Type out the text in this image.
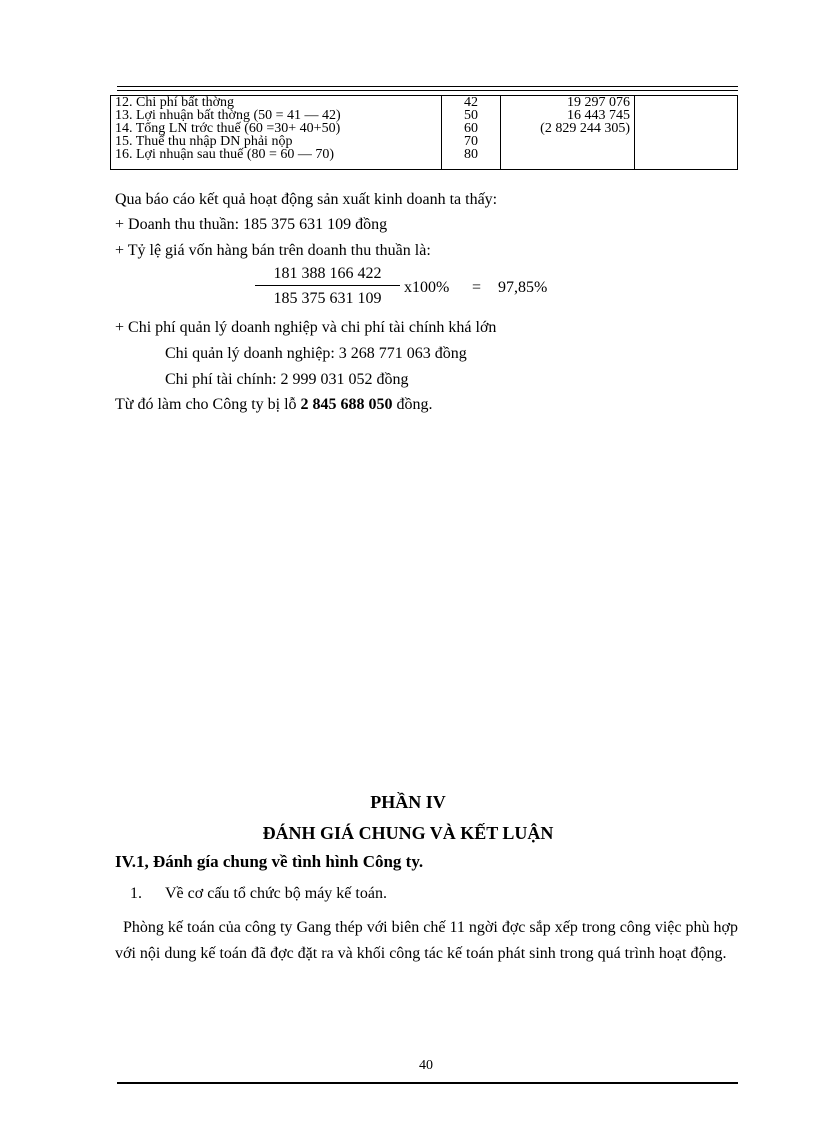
12. Chi phí bất thờng	42	19 297 076	
13. Lợi nhuận bất thờng (50 = 41 — 42)	50	16 443 745	
14. Tổng LN trớc thuế (60 =30+ 40+50)	60	(2 829 244 305)	
15. Thuế thu nhập DN phải nộp	70		
16. Lợi nhuận sau thuế (80 = 60 — 70)	80		
Qua báo cáo kết quả hoạt động sản xuất kinh doanh ta thấy:
+ Doanh thu thuần: 185 375 631 109 đồng
+ Tỷ lệ giá vốn hàng bán trên doanh thu thuần là:
$\frac{181 388 166 422}{185 375 631 109} x100\% = 97,85\%$
+ Chi phí quản lý doanh nghiệp và chi phí tài chính khá lớn
Chi quản lý doanh nghiệp: 3 268 771 063 đồng
Chi phí tài chính: 2 999 031 052 đồng
Từ đó làm cho Công ty bị lỗ 2 845 688 050 đồng.
PHẦN IV
ĐÁNH GIÁ CHUNG VÀ KẾT LUẬN
IV.1, Đánh gía chung về tình hình Công ty.
1. Về cơ cấu tổ chức bộ máy kế toán.
Phòng kế toán của công ty Gang thép với biên chế 11 ngời đợc sắp xếp trong công việc phù hợp với nội dung kế toán đã đợc đặt ra và khối công tác kế toán phát sinh trong quá trình hoạt động.
40
